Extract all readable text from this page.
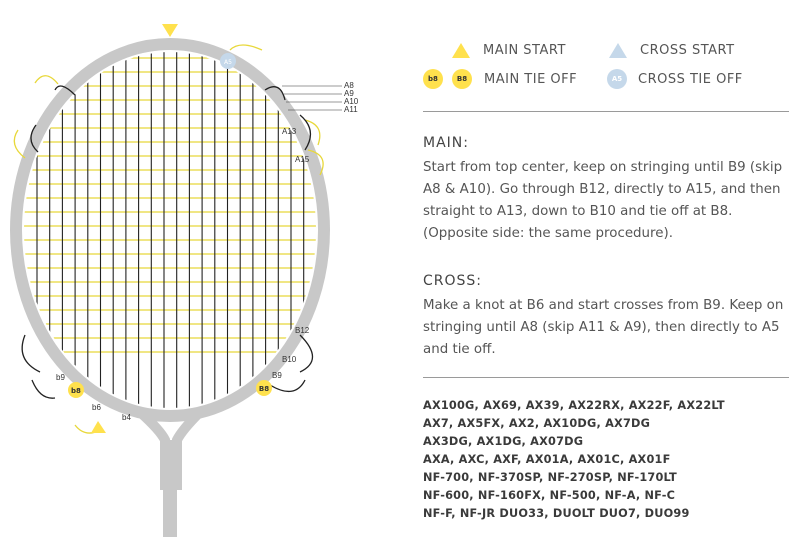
A5
b8	B8
A8
A9
A10
A11
A13
A15
B12
B10
B9
b9
b6
b4
MAIN START	CROSS START
b8	B8	MAIN TIE OFF	A5	CROSS TIE OFF
MAIN:
Start from top center, keep on stringing until B9 (skip A8 & A10). Go through B12, directly to A15, and then straight to A13, down to B10 and tie off at B8. (Opposite side: the same procedure).
CROSS:
Make a knot at B6 and start crosses from B9. Keep on stringing until A8 (skip A11 & A9), then directly to A5 and tie off.
AX100G, AX69, AX39, AX22RX, AX22F, AX22LT
AX7, AX5FX, AX2, AX10DG, AX7DG
AX3DG, AX1DG, AX07DG
AXA, AXC, AXF, AX01A, AX01C, AX01F
NF-700, NF-370SP, NF-270SP, NF-170LT
NF-600, NF-160FX, NF-500, NF-A, NF-C
NF-F, NF-JR DUO33, DUOLT DUO7, DUO99
